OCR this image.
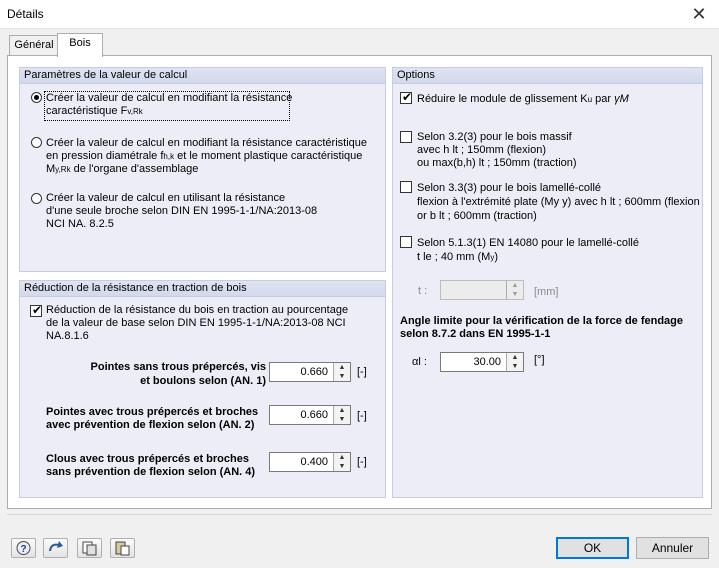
Détails	✕
Général	Bois
Paramètres de la valeur de calcul
Créer la valeur de calcul en modifiant la résistance
caractéristique Fv,Rk
Créer la valeur de calcul en modifiant la résistance caractéristique
en pression diamétrale fh,k et le moment plastique caractéristique
My,Rk de l'organe d'assemblage
Créer la valeur de calcul en utilisant la résistance
d'une seule broche selon DIN EN 1995-1-1/NA:2013-08
NCI NA. 8.2.5
Réduction de la résistance en traction de bois
✔ Réduction de la résistance du bois en traction au pourcentage
de la valeur de base selon DIN EN 1995-1-1/NA:2013-08 NCI
NA.8.1.6
Pointes sans trous prépercés, vis
et boulons selon (AN. 1)
0.660	▲
▼	[-]
Pointes avec trous prépercés et broches
avec prévention de flexion selon (AN. 2)
0.660	▲
▼	[-]
Clous avec trous prépercés et broches
sans prévention de flexion selon (AN. 4)
0.400	▲
▼	[-]
Options
✔ Réduire le module de glissement Ku par γM
Selon 3.2(3) pour le bois massif
avec h lt ; 150mm (flexion)
ou max(b,h) lt ; 150mm (traction)
Selon 3.3(3) pour le bois lamellé-collé
flexion à l'extrémité plate (My y) avec h lt ; 600mm (flexion
or b lt ; 600mm (traction)
Selon 5.1.3(1) EN 14080 pour le lamellé-collé
t le ; 40 mm (My)
t :	▲
▼	[mm]
Angle limite pour la vérification de la force de fendage
selon 8.7.2 dans EN 1995-1-1
αl :	30.00	▲
▼
[°]
?	OK	Annuler
